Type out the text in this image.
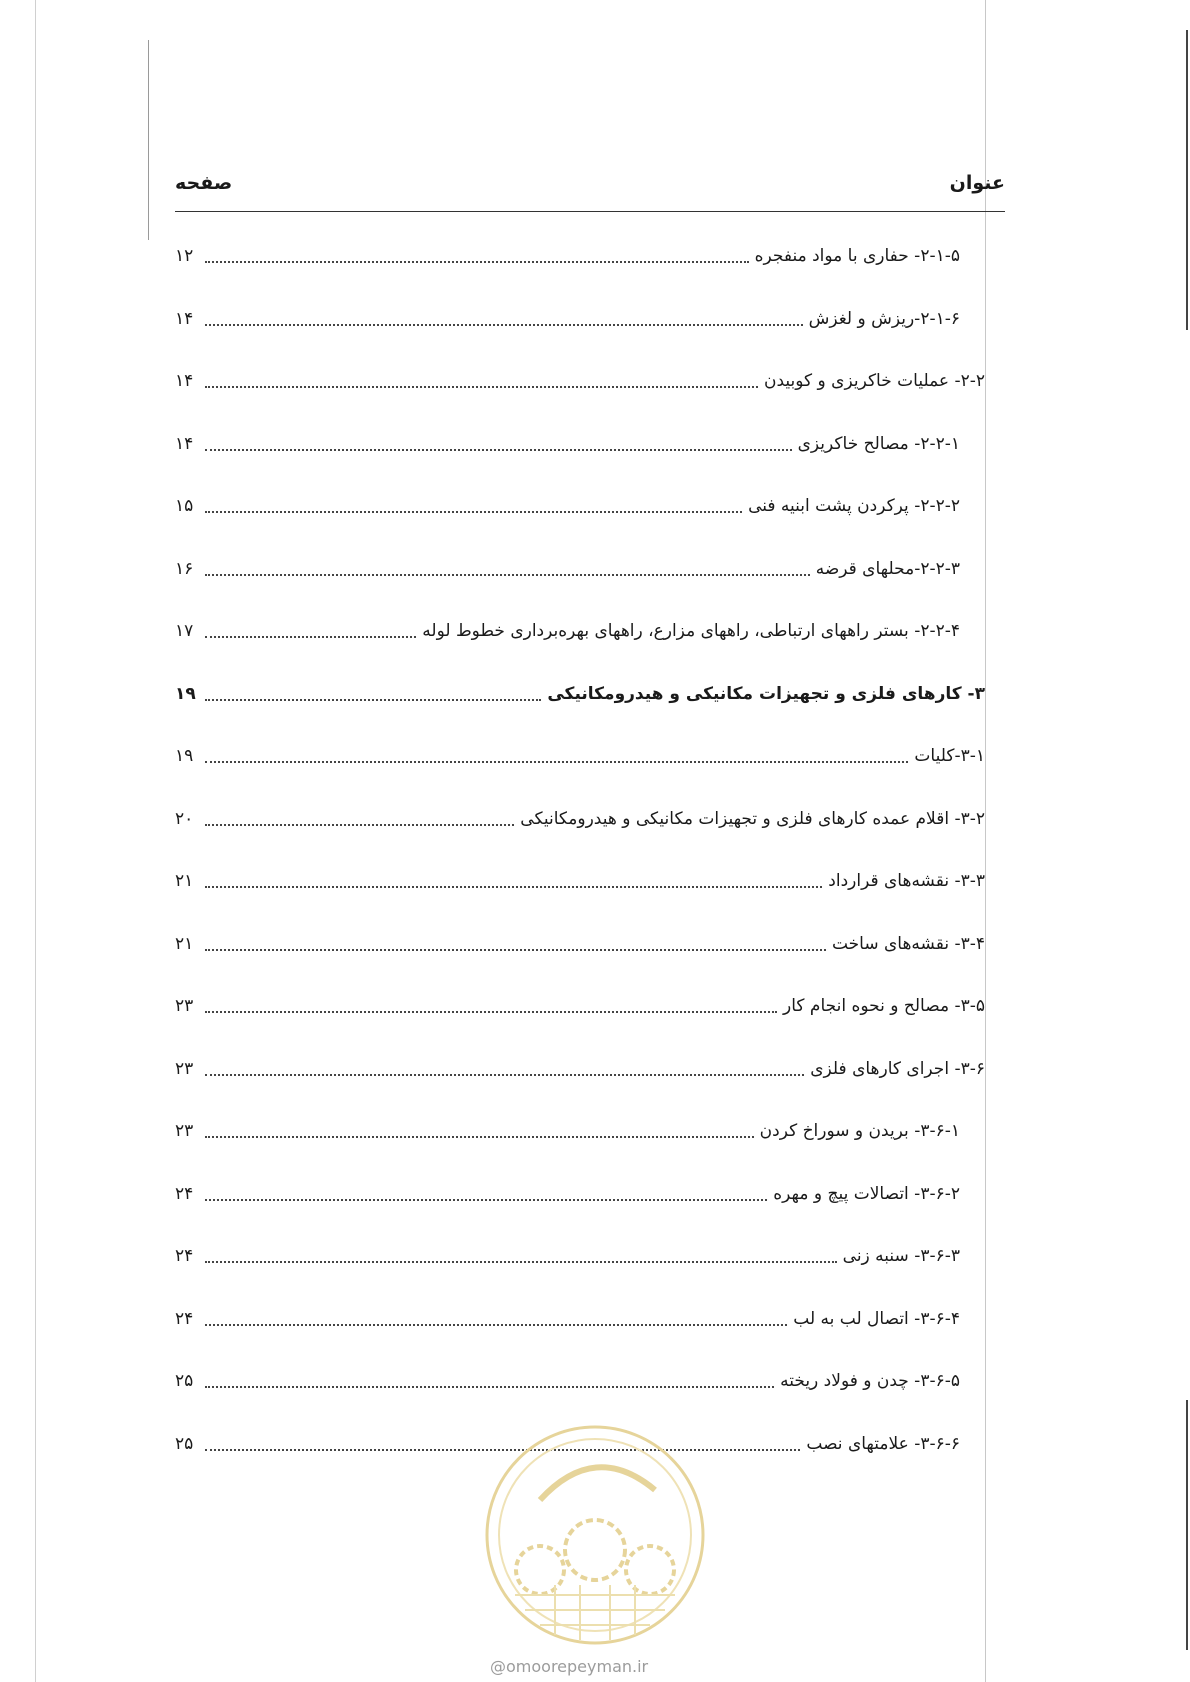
صفحه	عنوان
۲-۱-۵- حفاری با مواد منفجره
۱۲
۲-۱-۶-ریزش و لغزش
۱۴
۲-۲- عملیات خاکریزی و کوبیدن
۱۴
۲-۲-۱- مصالح خاکریزی
۱۴
۲-۲-۲- پرکردن پشت ابنیه فنی
۱۵
۲-۲-۳-محلهای قرضه
۱۶
۲-۲-۴- بستر راههای ارتباطی، راههای مزارع، راههای بهره‌برداری خطوط لوله
۱۷
۳- کارهای فلزی و تجهیزات مکانیکی و هیدرومکانیکی
۱۹
۳-۱-کلیات
۱۹
۳-۲- اقلام عمده کارهای فلزی و تجهیزات مکانیکی و هیدرومکانیکی
۲۰
۳-۳- نقشه‌های قرارداد
۲۱
۳-۴- نقشه‌های ساخت
۲۱
۳-۵- مصالح و نحوه انجام کار
۲۳
۳-۶- اجرای کارهای فلزی
۲۳
۳-۶-۱- بریدن و سوراخ کردن
۲۳
۳-۶-۲- اتصالات پیچ و مهره
۲۴
۳-۶-۳- سنبه زنی
۲۴
۳-۶-۴- اتصال لب به لب
۲۴
۳-۶-۵- چدن و فولاد ریخته
۲۵
۳-۶-۶- علامتهای نصب
۲۵
@omoorepeyman.ir
